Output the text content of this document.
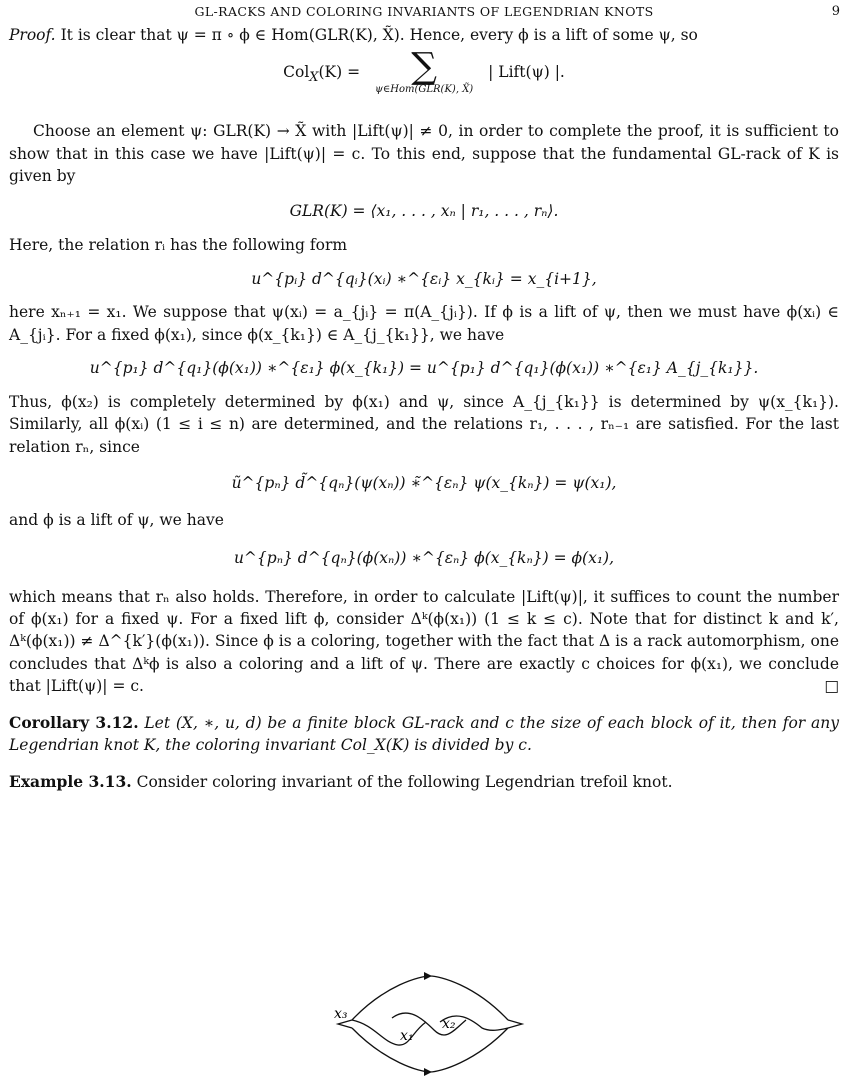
GL-RACKS AND COLORING INVARIANTS OF LEGENDRIAN KNOTS	9

Proof. It is clear that ψ = π ∘ ϕ ∈ Hom(GLR(K), X̃). Hence, every ϕ is a lift of some ψ, so

Col$_X$(K) = ∑
ψ∈Hom(GLR(K), X̃)
| Lift(ψ) |.

Choose an element ψ: GLR(K) → X̃ with |Lift(ψ)| ≠ 0, in order to complete the proof, it is sufficient to show that in this case we have |Lift(ψ)| = c. To this end, suppose that the fundamental GL-rack of K is given by

GLR(K) = ⟨x₁, . . . , xₙ | r₁, . . . , rₙ⟩.

Here, the relation rᵢ has the following form

u^{pᵢ} d^{qᵢ}(xᵢ) ∗^{εᵢ} x_{kᵢ} = x_{i+1},

here xₙ₊₁ = x₁. We suppose that ψ(xᵢ) = a_{jᵢ} = π(A_{jᵢ}). If ϕ is a lift of ψ, then we must have ϕ(xᵢ) ∈ A_{jᵢ}. For a fixed ϕ(x₁), since ϕ(x_{k₁}) ∈ A_{j_{k₁}}, we have

u^{p₁} d^{q₁}(ϕ(x₁)) ∗^{ε₁} ϕ(x_{k₁}) = u^{p₁} d^{q₁}(ϕ(x₁)) ∗^{ε₁} A_{j_{k₁}}.

Thus, ϕ(x₂) is completely determined by ϕ(x₁) and ψ, since A_{j_{k₁}} is determined by ψ(x_{k₁}). Similarly, all ϕ(xᵢ) (1 ≤ i ≤ n) are determined, and the relations r₁, . . . , rₙ₋₁ are satisfied. For the last relation rₙ, since

ũ^{pₙ} d̃^{qₙ}(ψ(xₙ)) ∗̃^{εₙ} ψ(x_{kₙ}) = ψ(x₁),

and ϕ is a lift of ψ, we have

u^{pₙ} d^{qₙ}(ϕ(xₙ)) ∗^{εₙ} ϕ(x_{kₙ}) = ϕ(x₁),

which means that rₙ also holds. Therefore, in order to calculate |Lift(ψ)|, it suffices to count the number of ϕ(x₁) for a fixed ψ. For a fixed lift ϕ, consider Δᵏ(ϕ(x₁)) (1 ≤ k ≤ c). Note that for distinct k and k′, Δᵏ(ϕ(x₁)) ≠ Δ^{k′}(ϕ(x₁)). Since ϕ is a coloring, together with the fact that Δ is a rack automorphism, one concludes that Δᵏϕ is also a coloring and a lift of ψ. There are exactly c choices for ϕ(x₁), we conclude that |Lift(ψ)| = c.	□

Corollary 3.12. Let (X, ∗, u, d) be a finite block GL-rack and c the size of each block of it, then for any Legendrian knot K, the coloring invariant Col_X(K) is divided by c.

Example 3.13. Consider coloring invariant of the following Legendrian trefoil knot.

x₃
x₁
x₂
